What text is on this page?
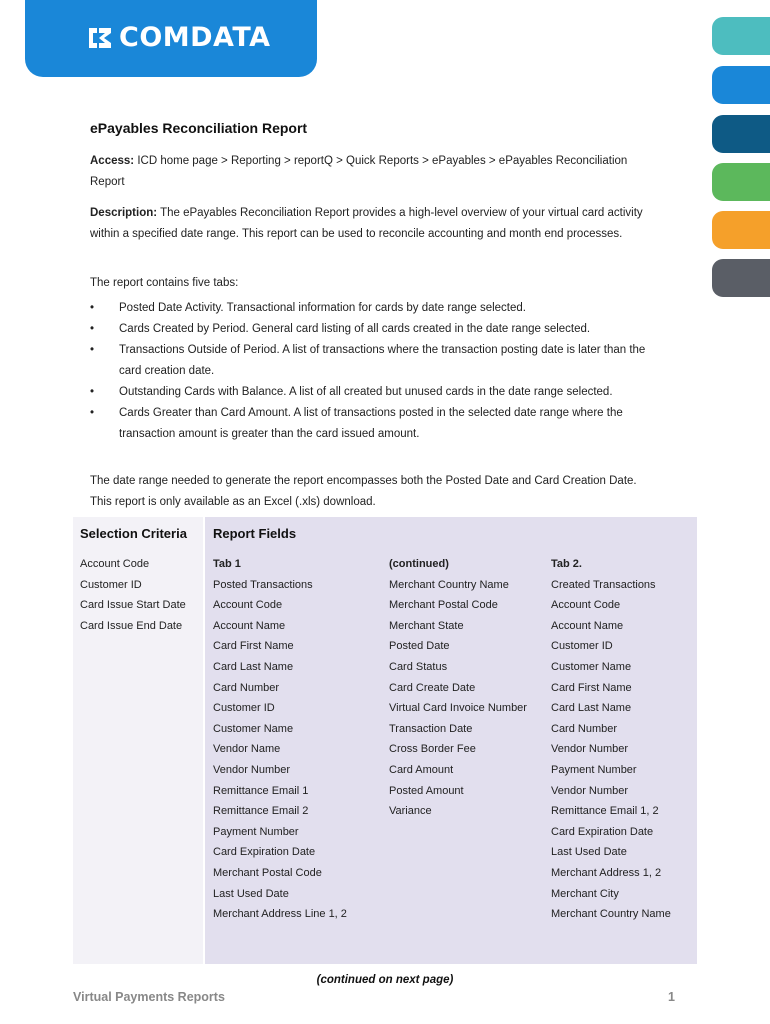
COMDATA
ePayables Reconciliation Report

Access: ICD home page > Reporting > reportQ > Quick Reports > ePayables > ePayables Reconciliation Report

Description: The ePayables Reconciliation Report provides a high-level overview of your virtual card activity within a specified date range. This report can be used to reconcile accounting and month end processes.

The report contains five tabs:

• Posted Date Activity. Transactional information for cards by date range selected.
• Cards Created by Period. General card listing of all cards created in the date range selected.
• Transactions Outside of Period. A list of transactions where the transaction posting date is later than the card creation date.
• Outstanding Cards with Balance. A list of all created but unused cards in the date range selected.
• Cards Greater than Card Amount. A list of transactions posted in the selected date range where the transaction amount is greater than the card issued amount.

The date range needed to generate the report encompasses both the Posted Date and Card Creation Date. This report is only available as an Excel (.xls) download.

Selection Criteria
Account Code
Customer ID
Card Issue Start Date
Card Issue End Date
Report Fields
Tab 1
Posted Transactions
Account Code
Account Name
Card First Name
Card Last Name
Card Number
Customer ID
Customer Name
Vendor Name
Vendor Number
Remittance Email 1
Remittance Email 2
Payment Number
Card Expiration Date
Merchant Postal Code
Last Used Date
Merchant Address Line 1, 2
(continued)
Merchant Country Name
Merchant Postal Code
Merchant State
Posted Date
Card Status
Card Create Date
Virtual Card Invoice Number
Transaction Date
Cross Border Fee
Card Amount
Posted Amount
Variance
Tab 2.
Created Transactions
Account Code
Account Name
Customer ID
Customer Name
Card First Name
Card Last Name
Card Number
Vendor Number
Payment Number
Vendor Number
Remittance Email 1, 2
Card Expiration Date
Last Used Date
Merchant Address 1, 2
Merchant City
Merchant Country Name
(continued on next page)
Virtual Payments Reports	1
